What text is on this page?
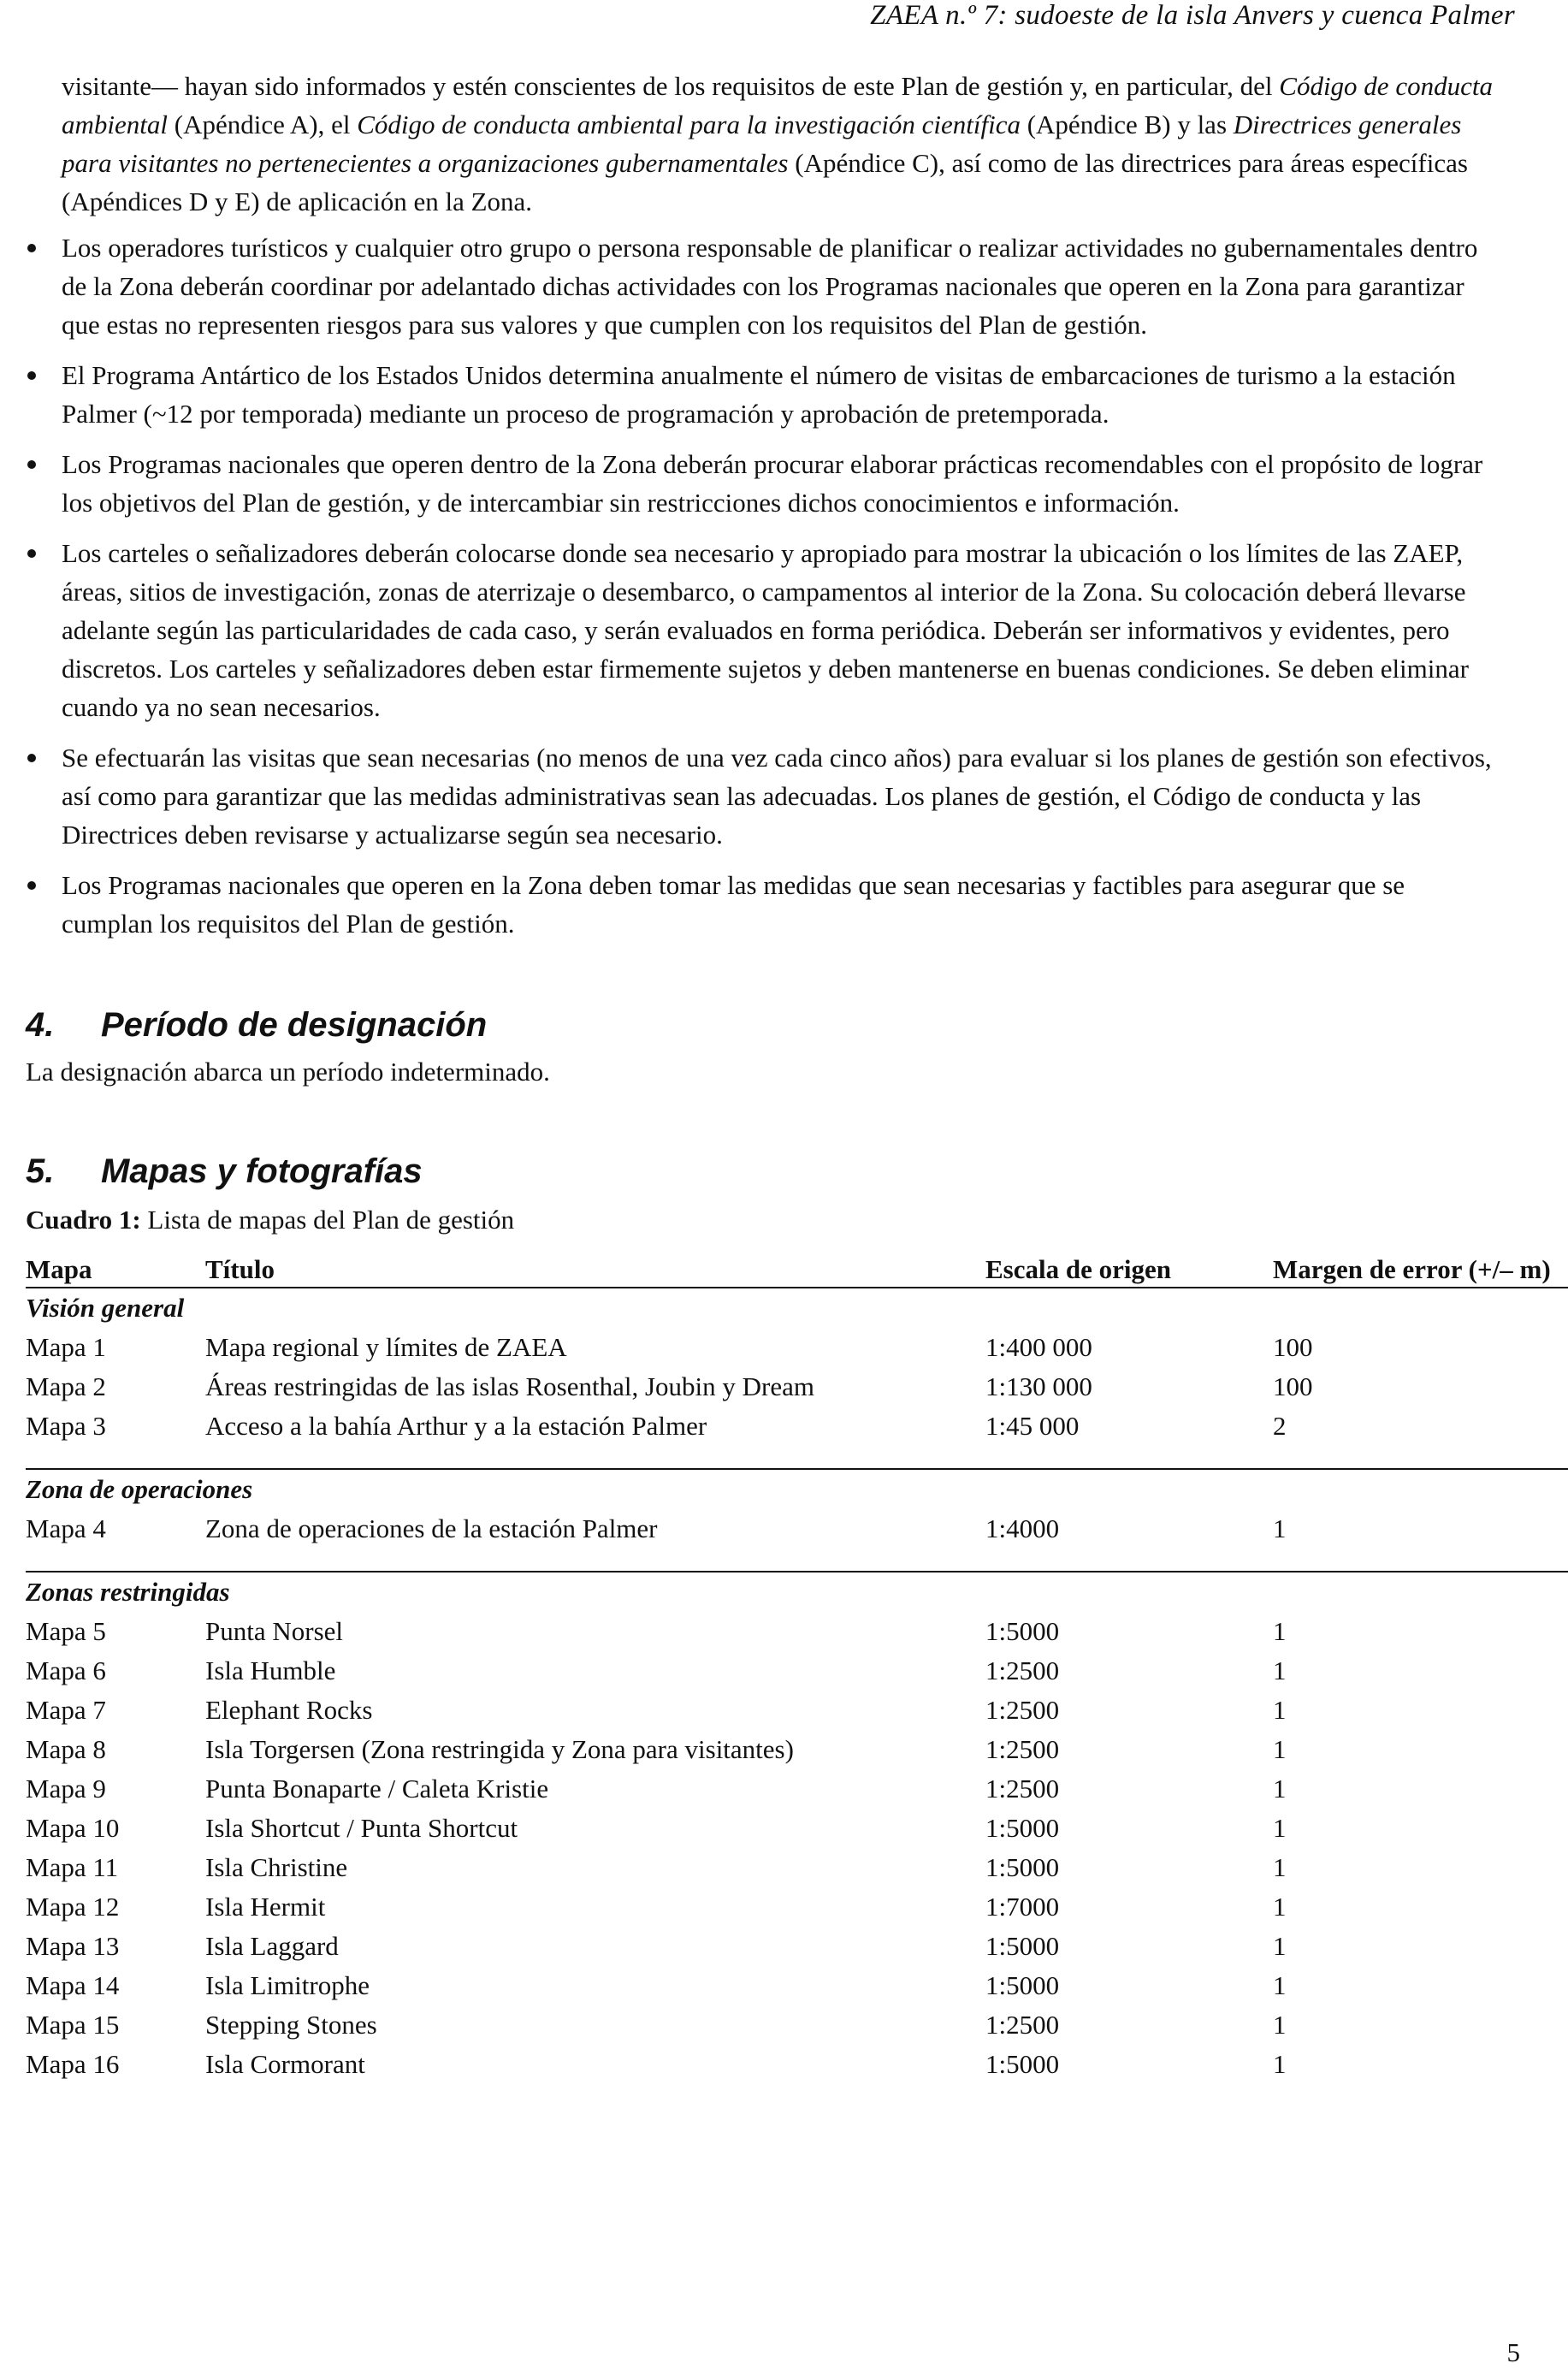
ZAEA n.º 7: sudoeste de la isla Anvers y cuenca Palmer

visitante— hayan sido informados y estén conscientes de los requisitos de este Plan de gestión y, en particular, del Código de conducta ambiental (Apéndice A), el Código de conducta ambiental para la investigación científica (Apéndice B) y las Directrices generales para visitantes no pertenecientes a organizaciones gubernamentales (Apéndice C), así como de las directrices para áreas específicas (Apéndices D y E) de aplicación en la Zona.

Los operadores turísticos y cualquier otro grupo o persona responsable de planificar o realizar actividades no gubernamentales dentro de la Zona deberán coordinar por adelantado dichas actividades con los Programas nacionales que operen en la Zona para garantizar que estas no representen riesgos para sus valores y que cumplen con los requisitos del Plan de gestión.
El Programa Antártico de los Estados Unidos determina anualmente el número de visitas de embarcaciones de turismo a la estación Palmer (~12 por temporada) mediante un proceso de programación y aprobación de pretemporada.
Los Programas nacionales que operen dentro de la Zona deberán procurar elaborar prácticas recomendables con el propósito de lograr los objetivos del Plan de gestión, y de intercambiar sin restricciones dichos conocimientos e información.
Los carteles o señalizadores deberán colocarse donde sea necesario y apropiado para mostrar la ubicación o los límites de las ZAEP, áreas, sitios de investigación, zonas de aterrizaje o desembarco, o campamentos al interior de la Zona. Su colocación deberá llevarse adelante según las particularidades de cada caso, y serán evaluados en forma periódica. Deberán ser informativos y evidentes, pero discretos. Los carteles y señalizadores deben estar firmemente sujetos y deben mantenerse en buenas condiciones. Se deben eliminar cuando ya no sean necesarios.
Se efectuarán las visitas que sean necesarias (no menos de una vez cada cinco años) para evaluar si los planes de gestión son efectivos, así como para garantizar que las medidas administrativas sean las adecuadas. Los planes de gestión, el Código de conducta y las Directrices deben revisarse y actualizarse según sea necesario.
Los Programas nacionales que operen en la Zona deben tomar las medidas que sean necesarias y factibles para asegurar que se cumplan los requisitos del Plan de gestión.
4. Período de designación

La designación abarca un período indeterminado.

5. Mapas y fotografías

Cuadro 1: Lista de mapas del Plan de gestión

Mapa	Título	Escala de origen	Margen de error (+/– m)
Visión general			
Mapa 1	Mapa regional y límites de ZAEA	1:400 000	100
Mapa 2	Áreas restringidas de las islas Rosenthal, Joubin y Dream	1:130 000	100
Mapa 3	Acceso a la bahía Arthur y a la estación Palmer	1:45 000	2

Zona de operaciones			
Mapa 4	Zona de operaciones de la estación Palmer	1:4000	1

Zonas restringidas			
Mapa 5	Punta Norsel	1:5000	1
Mapa 6	Isla Humble	1:2500	1
Mapa 7	Elephant Rocks	1:2500	1
Mapa 8	Isla Torgersen (Zona restringida y Zona para visitantes)	1:2500	1
Mapa 9	Punta Bonaparte / Caleta Kristie	1:2500	1
Mapa 10	Isla Shortcut / Punta Shortcut	1:5000	1
Mapa 11	Isla Christine	1:5000	1
Mapa 12	Isla Hermit	1:7000	1
Mapa 13	Isla Laggard	1:5000	1
Mapa 14	Isla Limitrophe	1:5000	1
Mapa 15	Stepping Stones	1:2500	1
Mapa 16	Isla Cormorant	1:5000	1
5
